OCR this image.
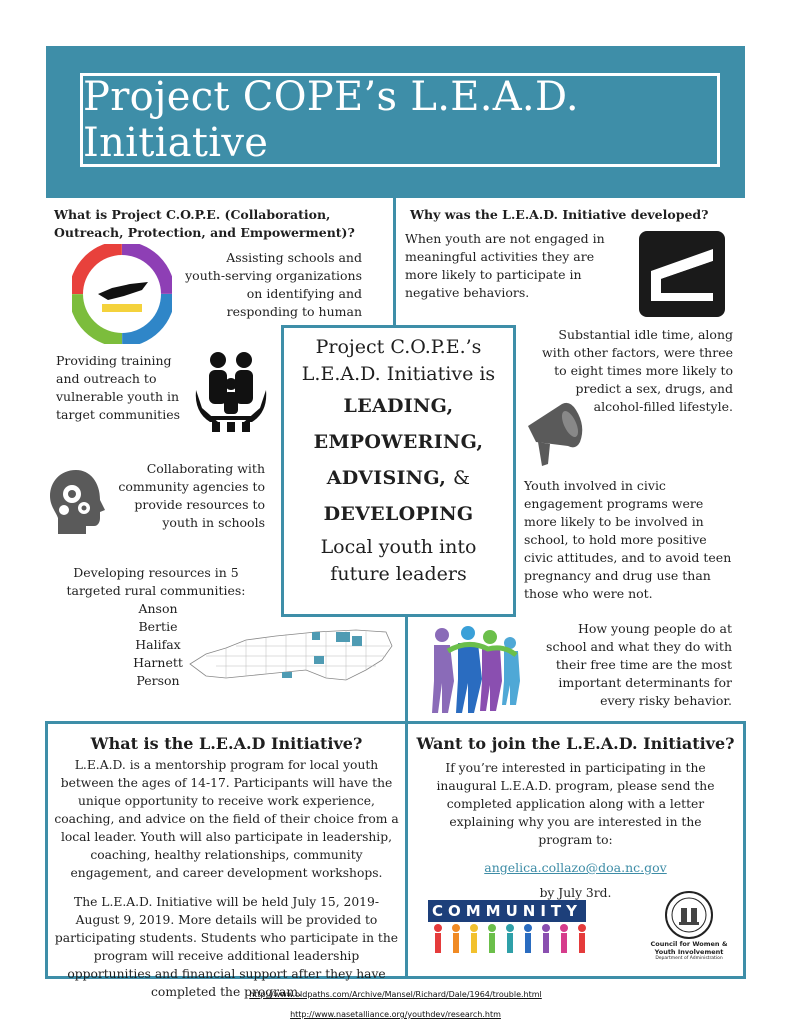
Project COPE’s L.E.A.D. Initiative
What is Project C.O.P.E. (Collaboration, Outreach, Protection, and Empowerment)?
Assisting schools and youth-serving organizations on identifying and responding to human
Providing training and outreach to vulnerable youth in target communities
Collaborating with community agencies to provide resources to youth in schools
Developing resources in 5 targeted rural communities:
Anson
Bertie
Halifax
Harnett
Person
Project C.O.P.E.’s
L.E.A.D. Initiative is
LEADING,
EMPOWERING,
ADVISING, &
DEVELOPING
Local youth into
future leaders
Why was the L.E.A.D. Initiative developed?
When youth are not engaged in meaningful activities they are more likely to participate in negative behaviors.
Substantial idle time, along with other factors, were three to eight times more likely to predict a sex, drugs, and alcohol-filled lifestyle.
Youth involved in civic engagement programs were more likely to be involved in school, to hold more positive civic attitudes, and to avoid teen pregnancy and drug use than those who were not.
How young people do at school and what they do with their free time are the most important determinants for every risky behavior.
What is the L.E.A.D Initiative?

L.E.A.D. is a mentorship program for local youth between the ages of 14-17. Participants will have the unique opportunity to receive work experience, coaching, and advice on the field of their choice from a local leader. Youth will also participate in leadership, coaching, healthy relationships, community engagement, and career development workshops.

The L.E.A.D. Initiative will be held July 15, 2019-August 9, 2019. More details will be provided to participating students. Students who participate in the program will receive additional leadership opportunities and financial support after they have completed the program.

Want to join the L.E.A.D. Initiative?

If you’re interested in participating in the inaugural L.E.A.D. program, please send the completed application along with a letter explaining why you are interested in the program to:

angelica.collazo@doa.nc.gov

by July 3rd.

COMMUNITY
Council for Women &
Youth Involvement
Department of Administration
http://www.oldpaths.com/Archive/Mansel/Richard/Dale/1964/trouble.html
http://www.nasetalliance.org/youthdev/research.htm
